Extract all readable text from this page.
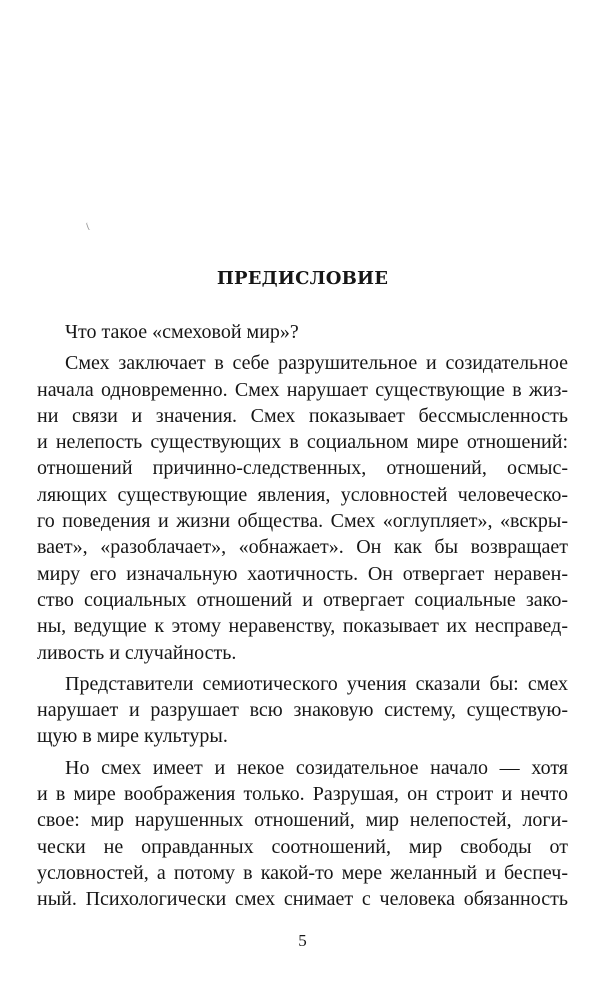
ПРЕДИСЛОВИЕ
Что такое «смеховой мир»?
Смех заключает в себе разрушительное и созидательное
начала одновременно. Смех нарушает существующие в жиз-
ни связи и значения. Смех показывает бессмысленность
и нелепость существующих в социальном мире отношений:
отношений причинно-следственных, отношений, осмыс-
ляющих существующие явления, условностей человеческо-
го поведения и жизни общества. Смех «оглупляет», «вскры-
вает», «разоблачает», «обнажает». Он как бы возвращает
миру его изначальную хаотичность. Он отвергает неравен-
ство социальных отношений и отвергает социальные зако-
ны, ведущие к этому неравенству, показывает их несправед-
ливость и случайность.
Представители семиотического учения сказали бы: смех
нарушает и разрушает всю знаковую систему, существую-
щую в мире культуры.
Но смех имеет и некое созидательное начало — хотя
и в мире воображения только. Разрушая, он строит и нечто
свое: мир нарушенных отношений, мир нелепостей, логи-
чески не оправданных соотношений, мир свободы от
условностей, а потому в какой-то мере желанный и беспеч-
ный. Психологически смех снимает с человека обязанность
5
